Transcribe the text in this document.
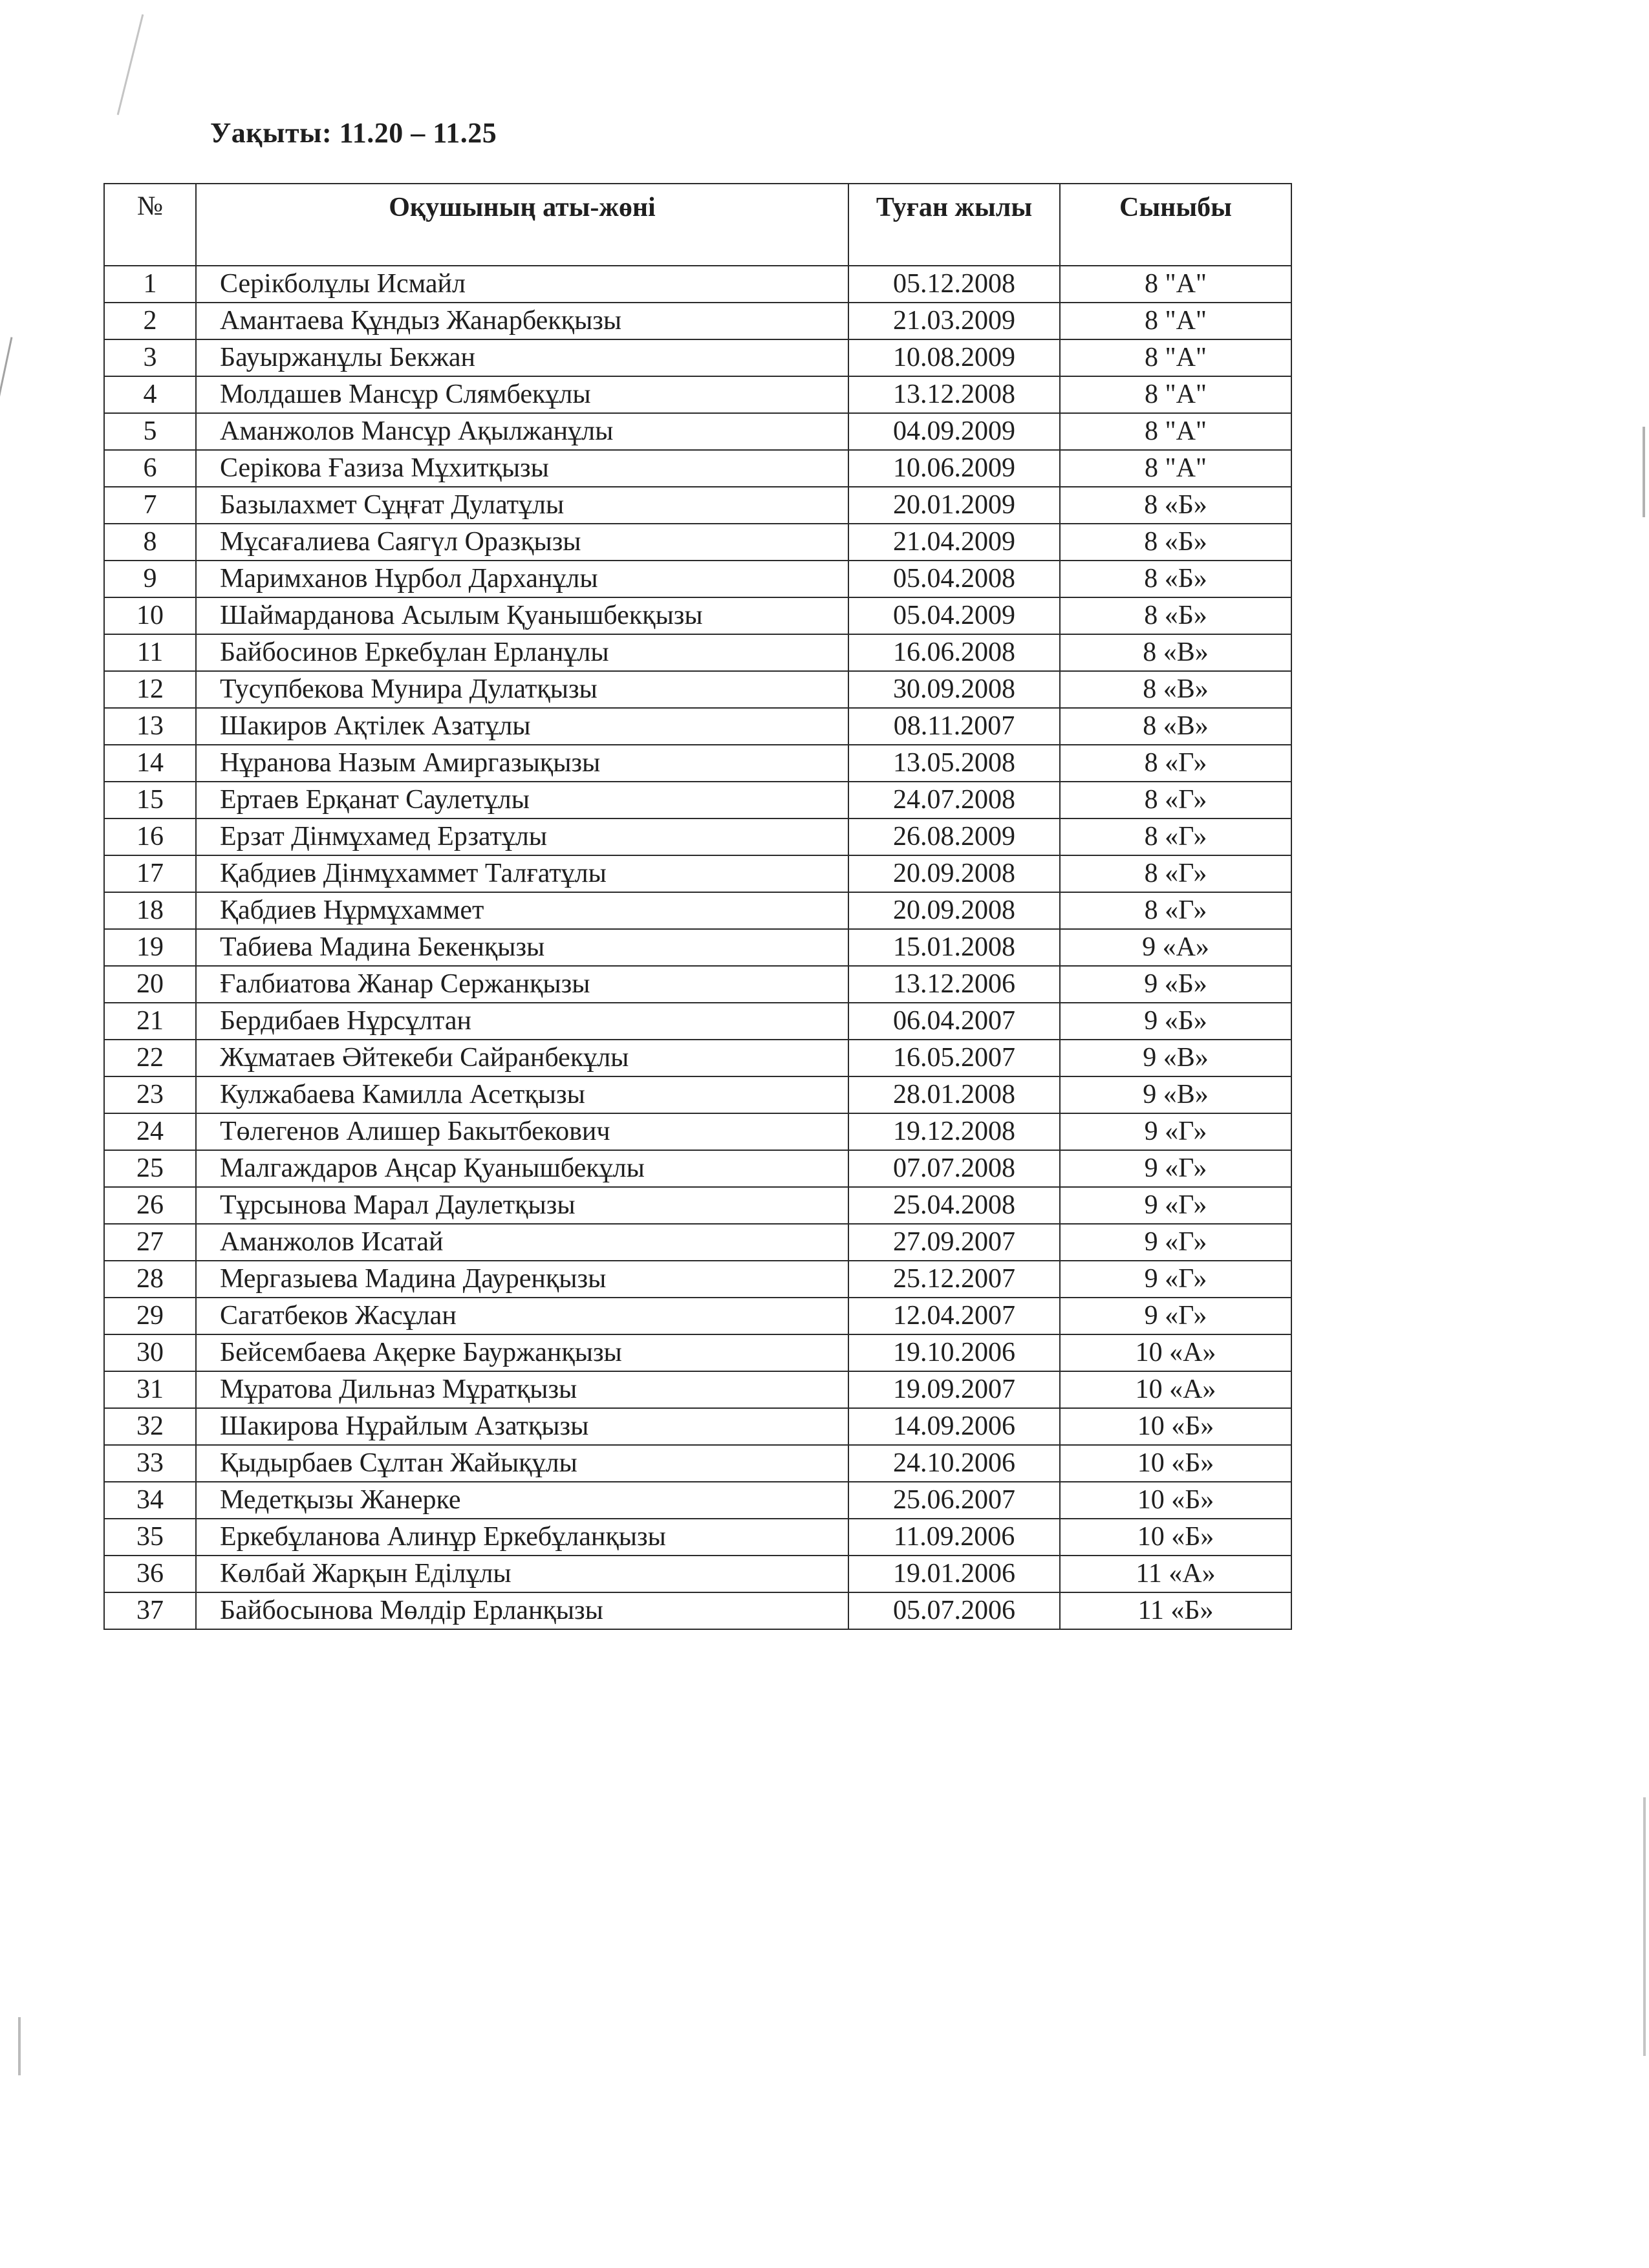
Уақыты: 11.20 – 11.25
№	Оқушының аты-жөні	Туған жылы	Сыныбы
1	Серікболұлы Исмайл	05.12.2008	8 "А"
2	Амантаева Құндыз Жанарбекқызы	21.03.2009	8 "А"
3	Бауыржанұлы Бекжан	10.08.2009	8 "А"
4	Молдашев Мансұр Слямбекұлы	13.12.2008	8 "А"
5	Аманжолов Мансұр Ақылжанұлы	04.09.2009	8 "А"
6	Серікова Ғазиза Мұхитқызы	10.06.2009	8 "А"
7	Базылахмет Сұңғат Дулатұлы	20.01.2009	8 «Б»
8	Мұсағалиева Саягүл Оразқызы	21.04.2009	8 «Б»
9	Маримханов Нұрбол Дарханұлы	05.04.2008	8 «Б»
10	Шаймарданова Асылым Қуанышбекқызы	05.04.2009	8 «Б»
11	Байбосинов Еркебұлан Ерланұлы	16.06.2008	8 «В»
12	Тусупбекова Мунира Дулатқызы	30.09.2008	8 «В»
13	Шакиров Ақтілек Азатұлы	08.11.2007	8 «В»
14	Нұранова Назым Амиргазықызы	13.05.2008	8 «Г»
15	Ертаев Ерқанат Саулетұлы	24.07.2008	8 «Г»
16	Ерзат Дінмұхамед Ерзатұлы	26.08.2009	8 «Г»
17	Қабдиев Дінмұхаммет Талғатұлы	20.09.2008	8 «Г»
18	Қабдиев Нұрмұхаммет	20.09.2008	8 «Г»
19	Табиева Мадина Бекенқызы	15.01.2008	9 «А»
20	Ғалбиатова Жанар Сержанқызы	13.12.2006	9 «Б»
21	Бердибаев Нұрсұлтан	06.04.2007	9 «Б»
22	Жұматаев Әйтекеби Сайранбекұлы	16.05.2007	9 «В»
23	Кулжабаева Камилла Асетқызы	28.01.2008	9 «В»
24	Төлегенов Алишер Бакытбекович	19.12.2008	9 «Г»
25	Малгаждаров Аңсар Қуанышбекұлы	07.07.2008	9 «Г»
26	Тұрсынова Марал Даулетқызы	25.04.2008	9 «Г»
27	Аманжолов Исатай	27.09.2007	9 «Г»
28	Мергазыева Мадина Дауренқызы	25.12.2007	9 «Г»
29	Сагатбеков Жасұлан	12.04.2007	9 «Г»
30	Бейсембаева Ақерке Бауржанқызы	19.10.2006	10 «А»
31	Мұратова Дильназ Мұратқызы	19.09.2007	10 «А»
32	Шакирова Нұрайлым Азатқызы	14.09.2006	10 «Б»
33	Қыдырбаев Сұлтан Жайықұлы	24.10.2006	10 «Б»
34	Медетқызы Жанерке	25.06.2007	10 «Б»
35	Еркебұланова Алинұр Еркебұланқызы	11.09.2006	10 «Б»
36	Көлбай Жарқын Еділұлы	19.01.2006	11 «А»
37	Байбосынова Мөлдір Ерланқызы	05.07.2006	11 «Б»
